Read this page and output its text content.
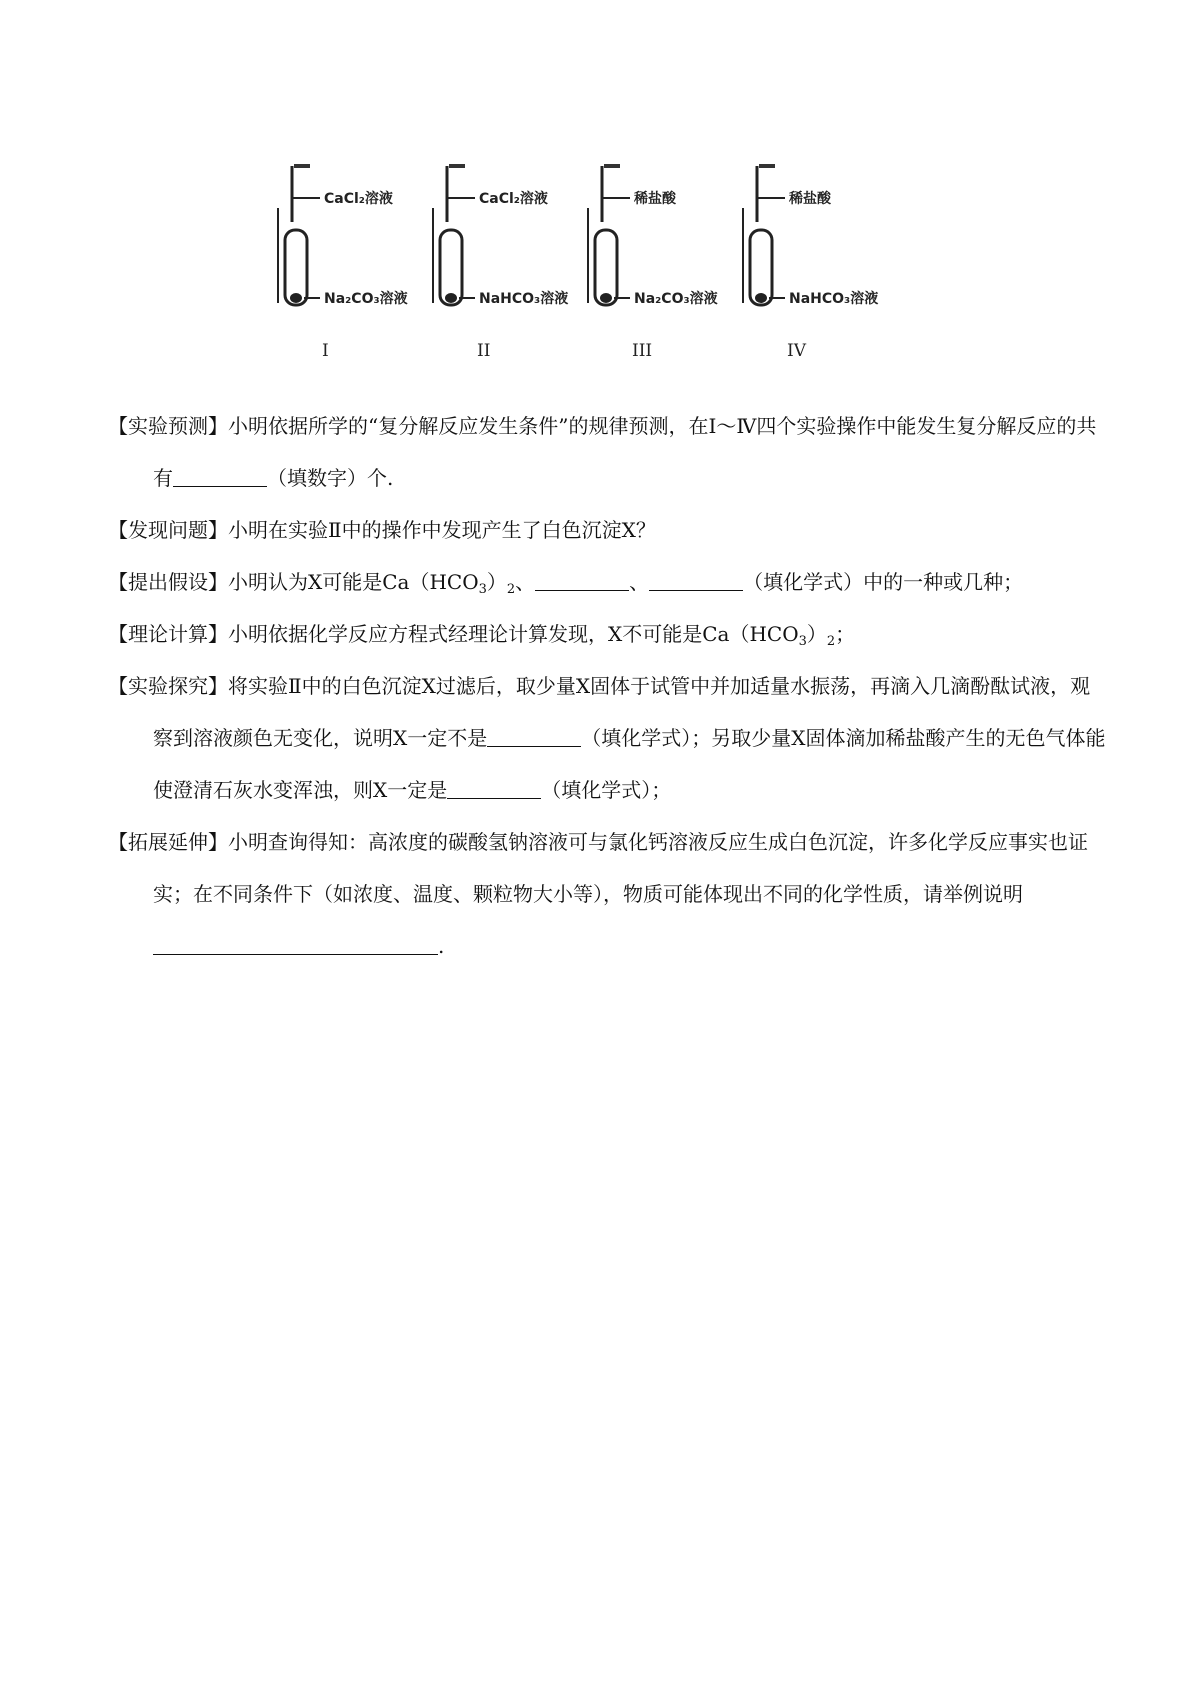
CaCl₂溶液
Na₂CO₃溶液
I
CaCl₂溶液
NaHCO₃溶液
II
稀盐酸
Na₂CO₃溶液
III
稀盐酸
NaHCO₃溶液
IV
【实验预测】小明依据所学的“复分解反应发生条件”的规律预测，在Ⅰ～Ⅳ四个实验操作中能发生复分解反应的共有	（填数字）个.
【发现问题】小明在实验Ⅱ中的操作中发现产生了白色沉淀X？
【提出假设】小明认为X可能是$Ca(HCO_3)_2$、	、	（填化学式）中的一种或几种；
【理论计算】小明依据化学反应方程式经理论计算发现，X不可能是$Ca(HCO_3)_2$；
【实验探究】将实验Ⅱ中的白色沉淀X过滤后，取少量X固体于试管中并加适量水振荡，再滴入几滴酚酞试液，观察到溶液颜色无变化，说明X一定不是	（填化学式）；另取少量X固体滴加稀盐酸产生的无色气体能使澄清石灰水变浑浊，则X一定是	（填化学式）；
【拓展延伸】小明查询得知：高浓度的碳酸氢钠溶液可与氯化钙溶液反应生成白色沉淀，许多化学反应事实也证实；在不同条件下（如浓度、温度、颗粒物大小等），物质可能体现出不同的化学性质，请举例说明.
